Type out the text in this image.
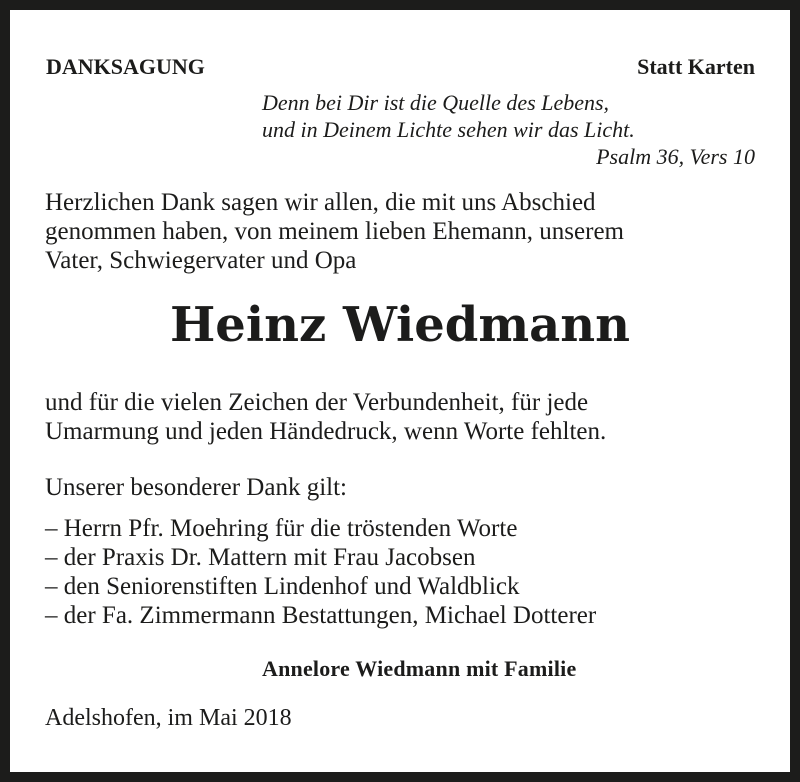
DANKSAGUNG	Statt Karten
Denn bei Dir ist die Quelle des Lebens,
und in Deinem Lichte sehen wir das Licht.
Psalm 36, Vers 10
Herzlichen Dank sagen wir allen, die mit uns Abschied
genommen haben, von meinem lieben Ehemann, unserem
Vater, Schwiegervater und Opa
Heinz Wiedmann
und für die vielen Zeichen der Verbundenheit, für jede
Umarmung und jeden Händedruck, wenn Worte fehlten.
Unserer besonderer Dank gilt:
– Herrn Pfr. Moehring für die tröstenden Worte
– der Praxis Dr. Mattern mit Frau Jacobsen
– den Seniorenstiften Lindenhof und Waldblick
– der Fa. Zimmermann Bestattungen, Michael Dotterer
Annelore Wiedmann mit Familie
Adelshofen, im Mai 2018
